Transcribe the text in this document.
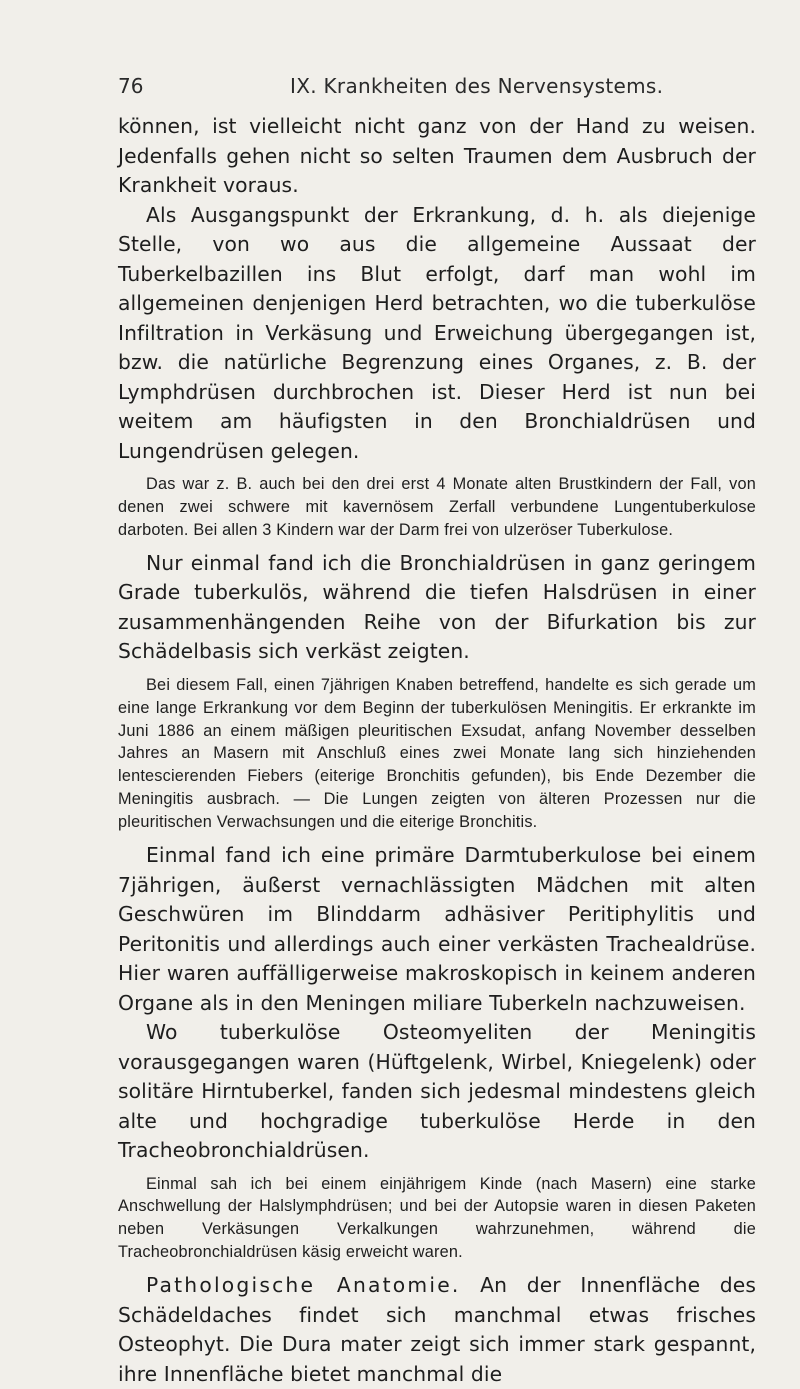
76	IX. Krankheiten des Nervensystems.

können, ist vielleicht nicht ganz von der Hand zu weisen. Jedenfalls gehen nicht so selten Traumen dem Ausbruch der Krankheit voraus.

Als Ausgangspunkt der Erkrankung, d. h. als diejenige Stelle, von wo aus die allgemeine Aussaat der Tuberkelbazillen ins Blut erfolgt, darf man wohl im allgemeinen denjenigen Herd betrachten, wo die tuberkulöse Infiltration in Verkäsung und Erweichung übergegangen ist, bzw. die natürliche Begrenzung eines Organes, z. B. der Lymphdrüsen durchbrochen ist. Dieser Herd ist nun bei weitem am häufigsten in den Bronchialdrüsen und Lungendrüsen gelegen.

Das war z. B. auch bei den drei erst 4 Monate alten Brustkindern der Fall, von denen zwei schwere mit kavernösem Zerfall verbundene Lungentuberkulose darboten. Bei allen 3 Kindern war der Darm frei von ulzeröser Tuberkulose.

Nur einmal fand ich die Bronchialdrüsen in ganz geringem Grade tuberkulös, während die tiefen Halsdrüsen in einer zusammenhängenden Reihe von der Bifurkation bis zur Schädelbasis sich verkäst zeigten.

Bei diesem Fall, einen 7jährigen Knaben betreffend, handelte es sich gerade um eine lange Erkrankung vor dem Beginn der tuberkulösen Meningitis. Er erkrankte im Juni 1886 an einem mäßigen pleuritischen Exsudat, anfang November desselben Jahres an Masern mit Anschluß eines zwei Monate lang sich hinziehenden lentescierenden Fiebers (eiterige Bronchitis gefunden), bis Ende Dezember die Meningitis ausbrach. — Die Lungen zeigten von älteren Prozessen nur die pleuritischen Verwachsungen und die eiterige Bronchitis.

Einmal fand ich eine primäre Darmtuberkulose bei einem 7jährigen, äußerst vernachlässigten Mädchen mit alten Geschwüren im Blinddarm adhäsiver Peritiphylitis und Peritonitis und allerdings auch einer verkästen Trachealdrüse. Hier waren auffälligerweise makroskopisch in keinem anderen Organe als in den Meningen miliare Tuberkeln nachzuweisen.

Wo tuberkulöse Osteomyeliten der Meningitis vorausgegangen waren (Hüftgelenk, Wirbel, Kniegelenk) oder solitäre Hirntuberkel, fanden sich jedesmal mindestens gleich alte und hochgradige tuberkulöse Herde in den Tracheobronchialdrüsen.

Einmal sah ich bei einem einjährigem Kinde (nach Masern) eine starke Anschwellung der Halslymphdrüsen; und bei der Autopsie waren in diesen Paketen neben Verkäsungen Verkalkungen wahrzunehmen, während die Tracheobronchialdrüsen käsig erweicht waren.

Pathologische Anatomie. An der Innenfläche des Schädeldaches findet sich manchmal etwas frisches Osteophyt. Die Dura mater zeigt sich immer stark gespannt, ihre Innenfläche bietet manchmal die
